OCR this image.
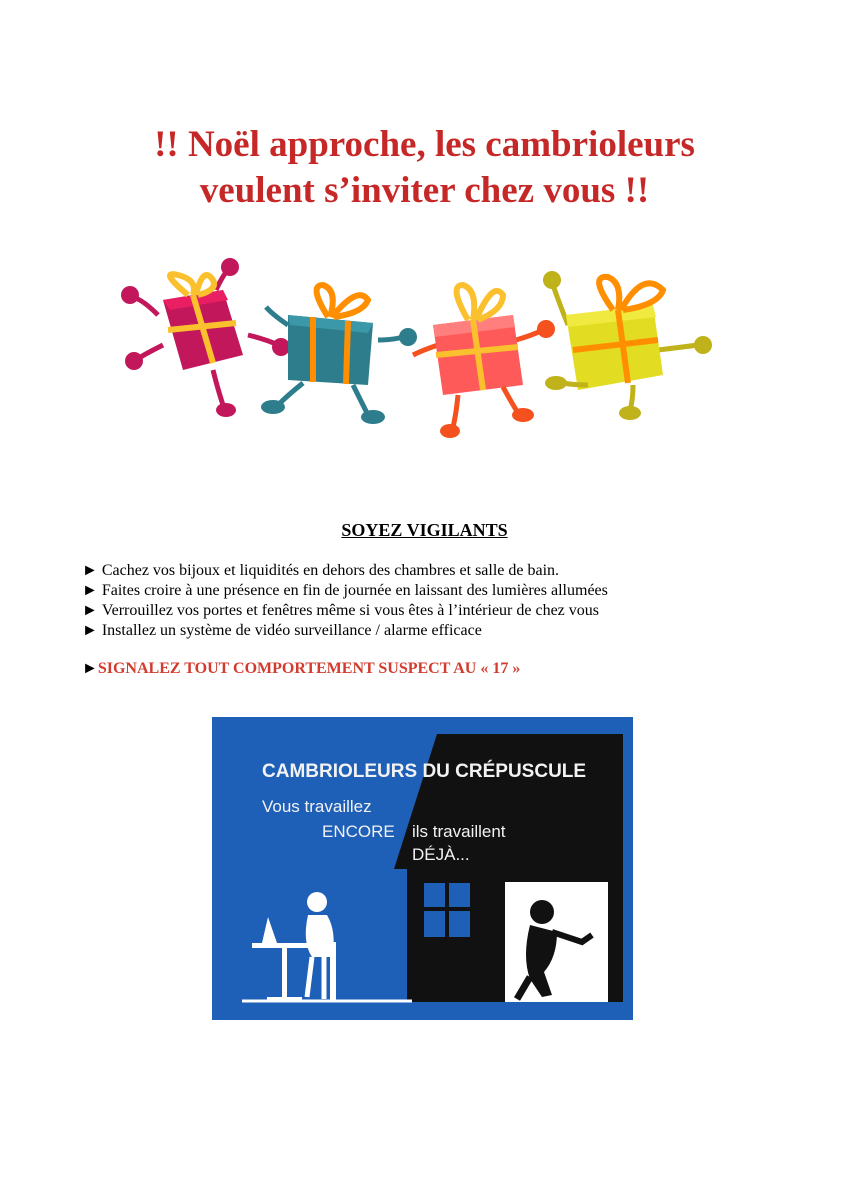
!! Noël approche, les cambrioleurs
veulent s’inviter chez vous !!
SOYEZ VIGILANTS
► Cachez vos bijoux et liquidités en dehors des chambres et salle de bain.
► Faites croire à une présence en fin de journée en laissant des lumières allumées
► Verrouillez vos portes et fenêtres même si vous êtes à l’intérieur de chez vous
► Installez un système de vidéo surveillance / alarme efficace
►SIGNALEZ TOUT COMPORTEMENT SUSPECT AU « 17 »
CAMBRIOLEURS DU CRÉPUSCULE
Vous travaillez
ENCORE ils travaillent
DÉJÀ...
